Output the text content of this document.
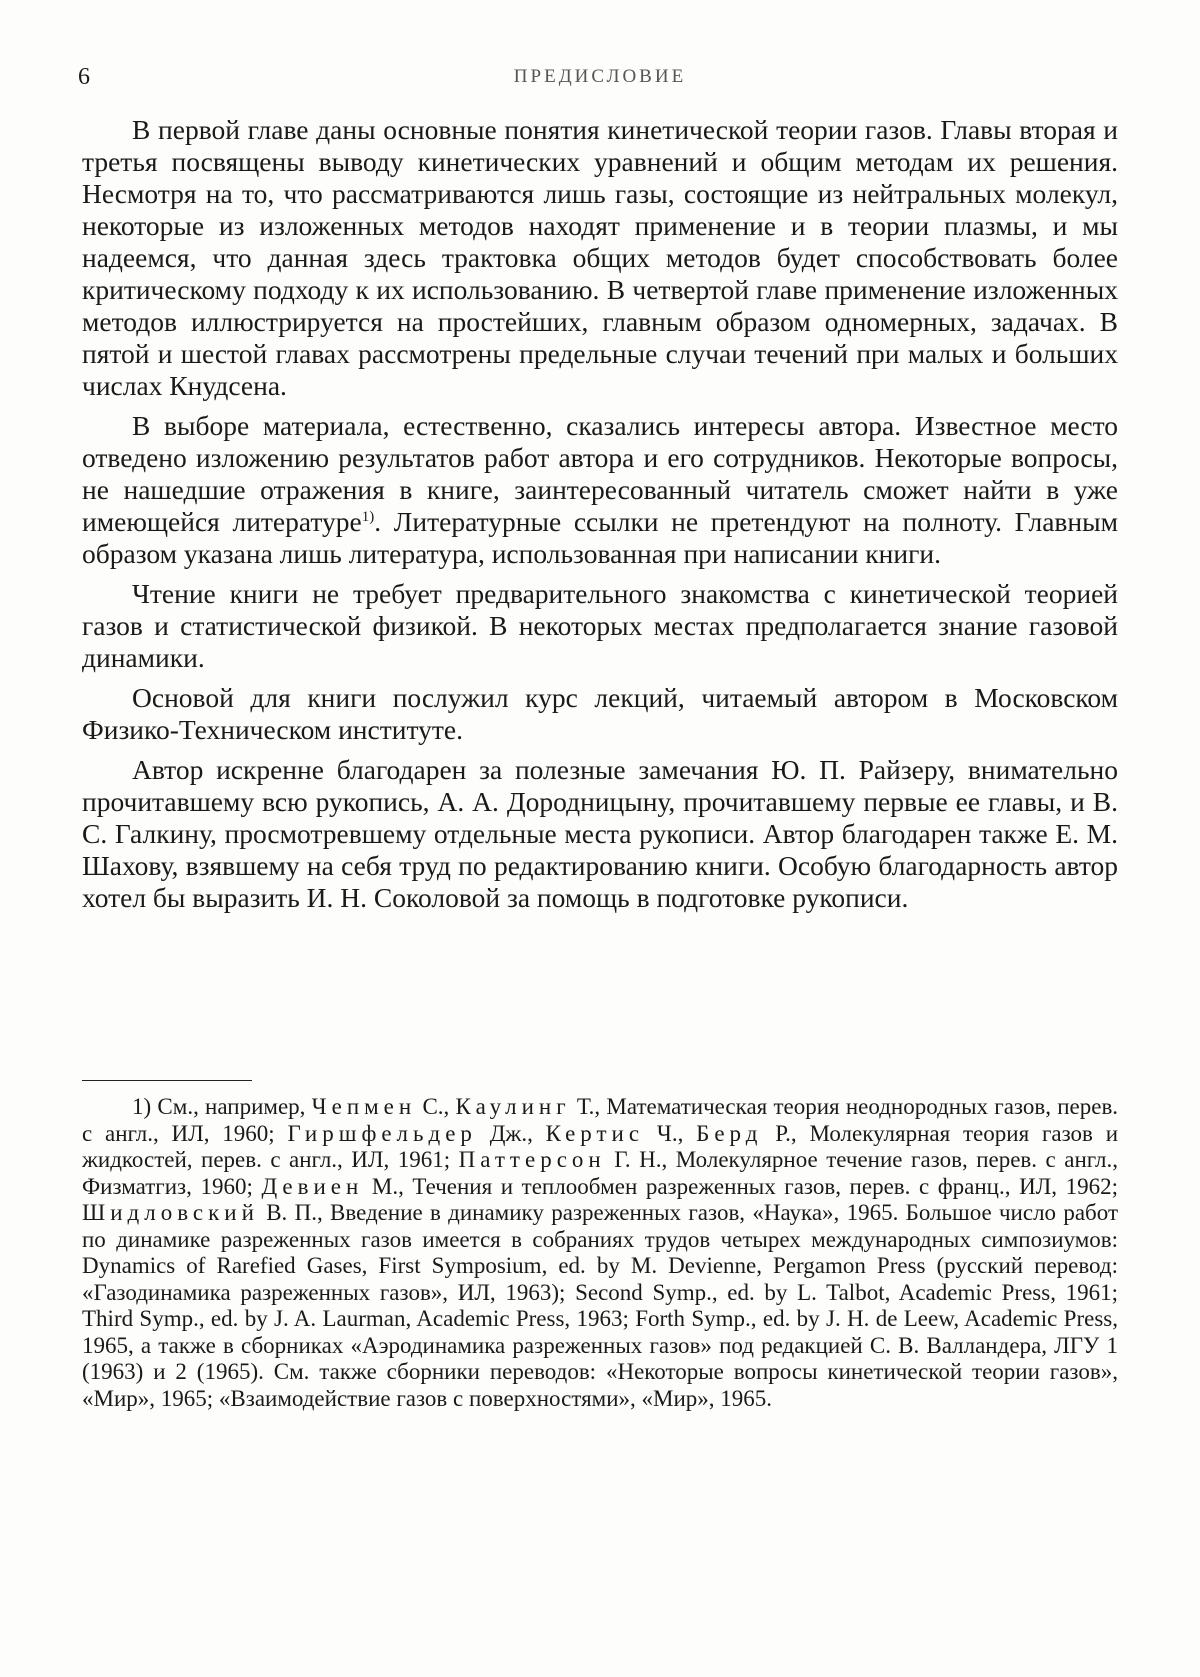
6	ПРЕДИСЛОВИЕ

В первой главе даны основные понятия кинетической теории газов. Главы вторая и третья посвящены выводу кинетических уравнений и общим методам их решения. Несмотря на то, что рассматриваются лишь газы, состоящие из нейтральных молекул, некоторые из изложенных методов находят применение и в теории плазмы, и мы надеемся, что данная здесь трактовка общих методов будет способствовать более критическому подходу к их использованию. В четвертой главе применение изложенных методов иллюстрируется на простейших, главным образом одномерных, задачах. В пятой и шестой главах рассмотрены предельные случаи течений при малых и больших числах Кнудсена.

В выборе материала, естественно, сказались интересы автора. Известное место отведено изложению результатов работ автора и его сотрудников. Некоторые вопросы, не нашедшие отражения в книге, заинтересованный читатель сможет найти в уже имеющейся литературе$^{1)}$. Литературные ссылки не претендуют на полноту. Главным образом указана лишь литература, использованная при написании книги.

Чтение книги не требует предварительного знакомства с кинетической теорией газов и статистической физикой. В некоторых местах предполагается знание газовой динамики.

Основой для книги послужил курс лекций, читаемый автором в Московском Физико-Техническом институте.

Автор искренне благодарен за полезные замечания Ю. П. Райзеру, внимательно прочитавшему всю рукопись, А. А. Дородницыну, прочитавшему первые ее главы, и В. С. Галкину, просмотревшему отдельные места рукописи. Автор благодарен также Е. М. Шахову, взявшему на себя труд по редактированию книги. Особую благодарность автор хотел бы выразить И. Н. Соколовой за помощь в подготовке рукописи.

1) См., например, Чепмен С., Каулинг Т., Математическая теория неоднородных газов, перев. с англ., ИЛ, 1960; Гиршфельдер Дж., Кертис Ч., Берд Р., Молекулярная теория газов и жидкостей, перев. с англ., ИЛ, 1961; Паттерсон Г. Н., Молекулярное течение газов, перев. с англ., Физматгиз, 1960; Девиен М., Течения и теплообмен разреженных газов, перев. с франц., ИЛ, 1962; Шидловский В. П., Введение в динамику разреженных газов, «Наука», 1965. Большое число работ по динамике разреженных газов имеется в собраниях трудов четырех международных симпозиумов: Dynamics of Rarefied Gases, First Symposium, ed. by M. Devienne, Pergamon Press (русский перевод: «Газодинамика разреженных газов», ИЛ, 1963); Second Symp., ed. by L. Talbot, Academic Press, 1961; Third Symp., ed. by J. A. Laurman, Academic Press, 1963; Forth Symp., ed. by J. H. de Leew, Academic Press, 1965, а также в сборниках «Аэродинамика разреженных газов» под редакцией С. В. Валландера, ЛГУ 1 (1963) и 2 (1965). См. также сборники переводов: «Некоторые вопросы кинетической теории газов», «Мир», 1965; «Взаимодействие газов с поверхностями», «Мир», 1965.
